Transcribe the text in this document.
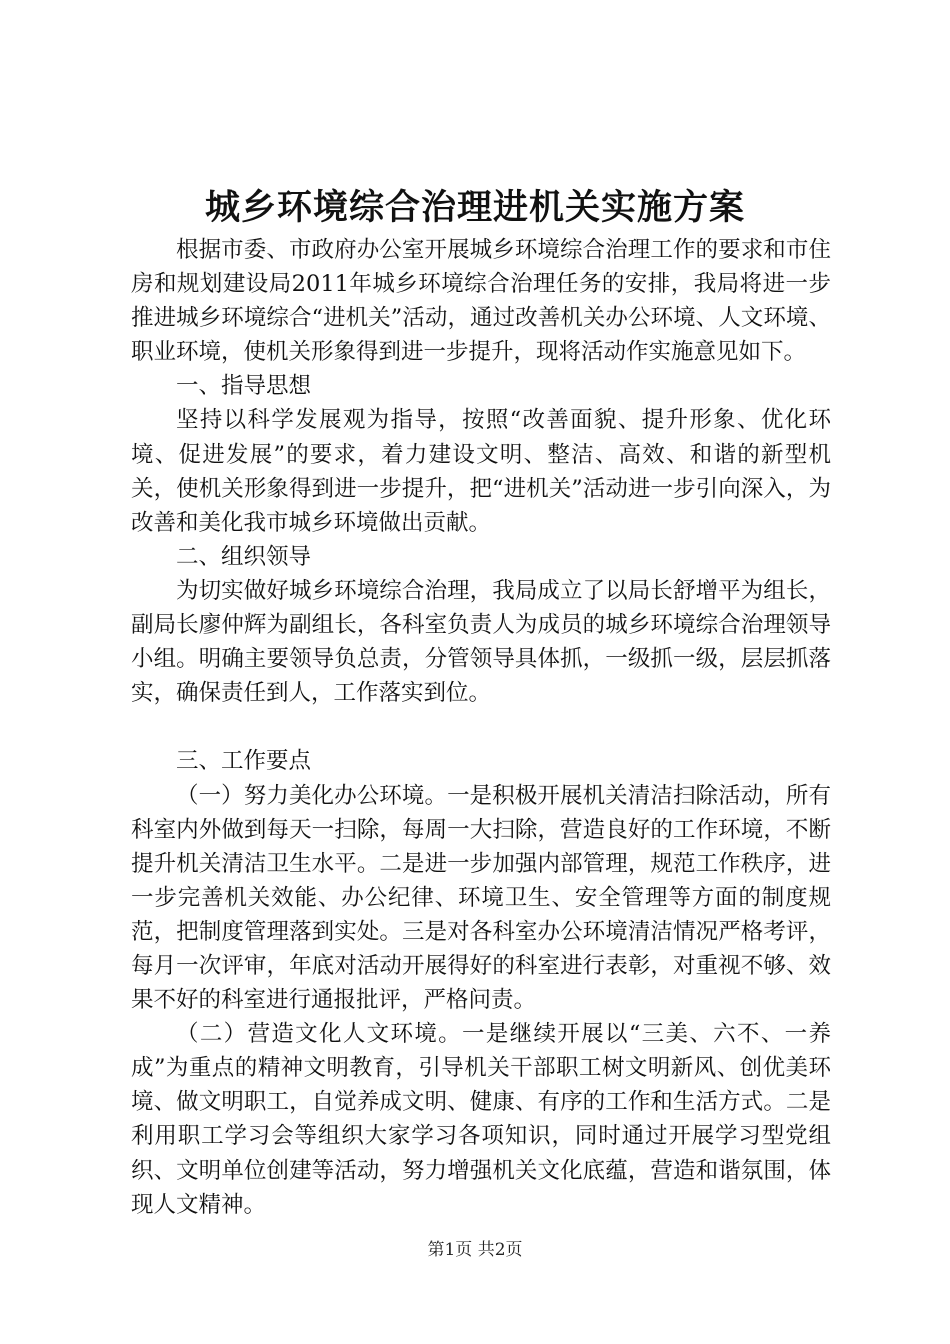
城乡环境综合治理进机关实施方案

根据市委、市政府办公室开展城乡环境综合治理工作的要求和市住房和规划建设局2011年城乡环境综合治理任务的安排，我局将进一步推进城乡环境综合“进机关”活动，通过改善机关办公环境、人文环境、职业环境，使机关形象得到进一步提升，现将活动作实施意见如下。

一、指导思想

坚持以科学发展观为指导，按照“改善面貌、提升形象、优化环境、促进发展”的要求，着力建设文明、整洁、高效、和谐的新型机关，使机关形象得到进一步提升，把“进机关”活动进一步引向深入，为改善和美化我市城乡环境做出贡献。

二、组织领导

为切实做好城乡环境综合治理，我局成立了以局长舒增平为组长，副局长廖仲辉为副组长，各科室负责人为成员的城乡环境综合治理领导小组。明确主要领导负总责，分管领导具体抓，一级抓一级，层层抓落实，确保责任到人，工作落实到位。

三、工作要点

（一）努力美化办公环境。一是积极开展机关清洁扫除活动，所有科室内外做到每天一扫除，每周一大扫除，营造良好的工作环境，不断提升机关清洁卫生水平。二是进一步加强内部管理，规范工作秩序，进一步完善机关效能、办公纪律、环境卫生、安全管理等方面的制度规范，把制度管理落到实处。三是对各科室办公环境清洁情况严格考评，每月一次评审，年底对活动开展得好的科室进行表彰，对重视不够、效果不好的科室进行通报批评，严格问责。

（二）营造文化人文环境。一是继续开展以“三美、六不、一养成”为重点的精神文明教育，引导机关干部职工树文明新风、创优美环境、做文明职工，自觉养成文明、健康、有序的工作和生活方式。二是利用职工学习会等组织大家学习各项知识，同时通过开展学习型党组织、文明单位创建等活动，努力增强机关文化底蕴，营造和谐氛围，体现人文精神。

第1页 共2页
